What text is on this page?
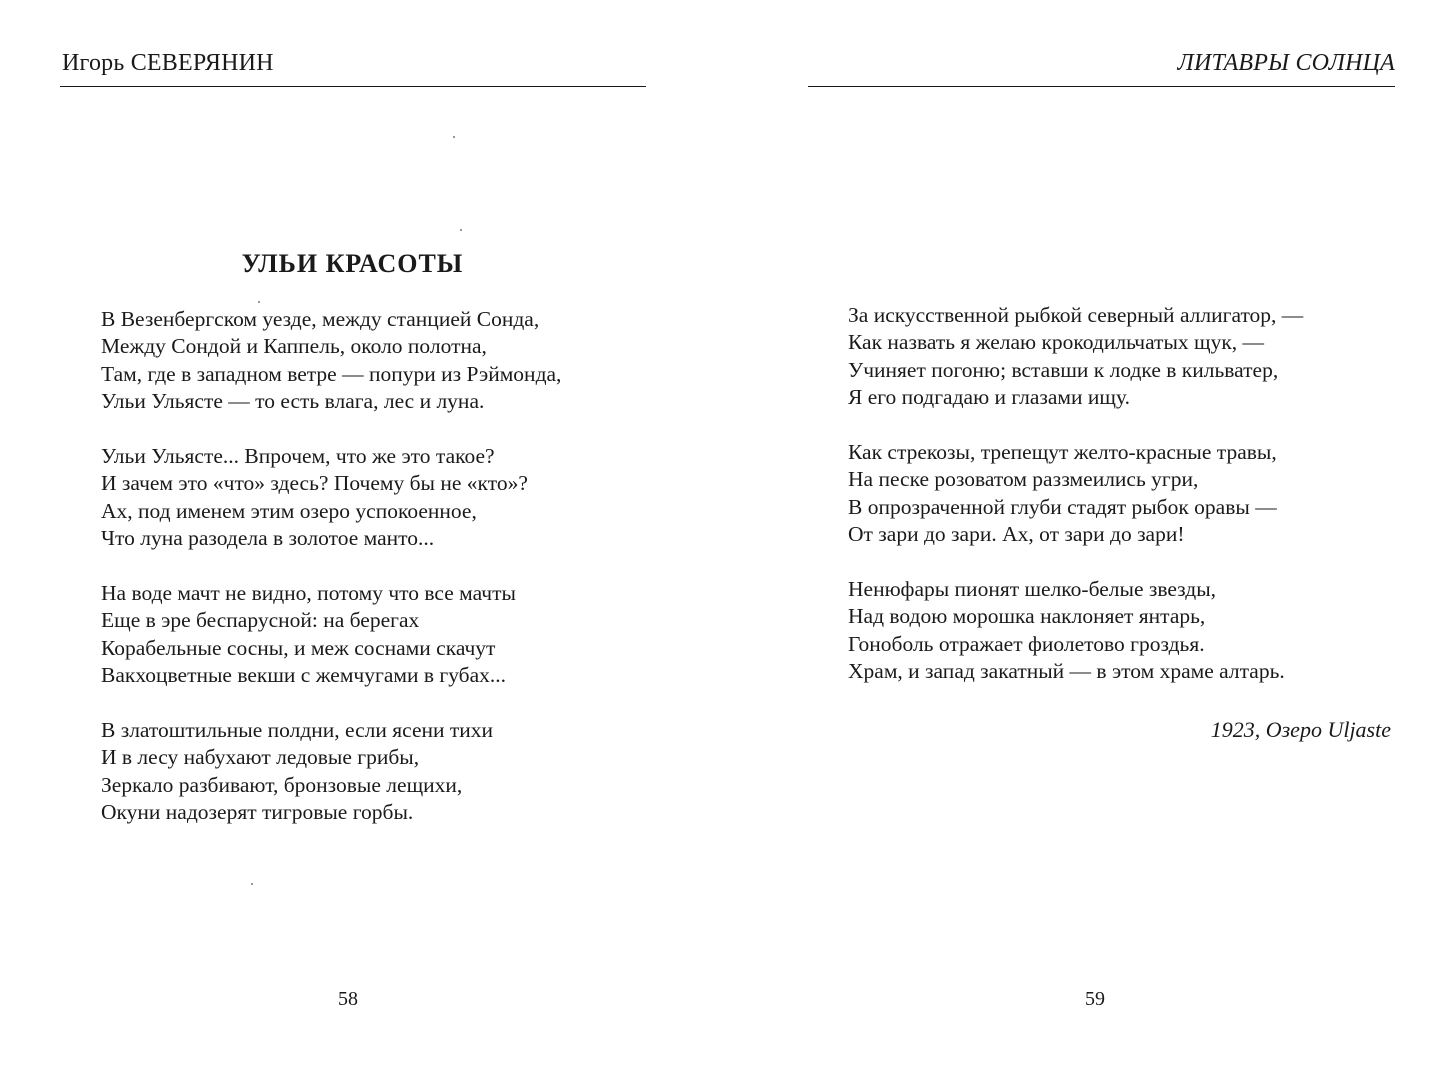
Игорь СЕВЕРЯНИН
УЛЬИ КРАСОТЫ
В Везенбергском уезде, между станцией Сонда,
Между Сондой и Каппель, около полотна,
Там, где в западном ветре — попури из Рэймонда,
Ульи Ульясте — то есть влага, лес и луна.
Ульи Ульясте... Впрочем, что же это такое?
И зачем это «что» здесь? Почему бы не «кто»?
Ах, под именем этим озеро успокоенное,
Что луна разодела в золотое манто...
На воде мачт не видно, потому что все мачты
Еще в эре беспарусной: на берегах
Корабельные сосны, и меж соснами скачут
Вакхоцветные векши с жемчугами в губах...
В златоштильные полдни, если ясени тихи
И в лесу набухают ледовые грибы,
Зеркало разбивают, бронзовые лещихи,
Окуни надозерят тигровые горбы.
58
ЛИТАВРЫ СОЛНЦА
За искусственной рыбкой северный аллигатор, —
Как назвать я желаю крокодильчатых щук, —
Учиняет погоню; вставши к лодке в кильватер,
Я его подгадаю и глазами ищу.
Как стрекозы, трепещут желто-красные травы,
На песке розоватом раззмеились угри,
В опрозраченной глуби стадят рыбок оравы —
От зари до зари. Ах, от зари до зари!
Ненюфары пионят шелко-белые звезды,
Над водою морошка наклоняет янтарь,
Гоноболь отражает фиолетово гроздья.
Храм, и запад закатный — в этом храме алтарь.
1923, Озеро Uljaste
59
